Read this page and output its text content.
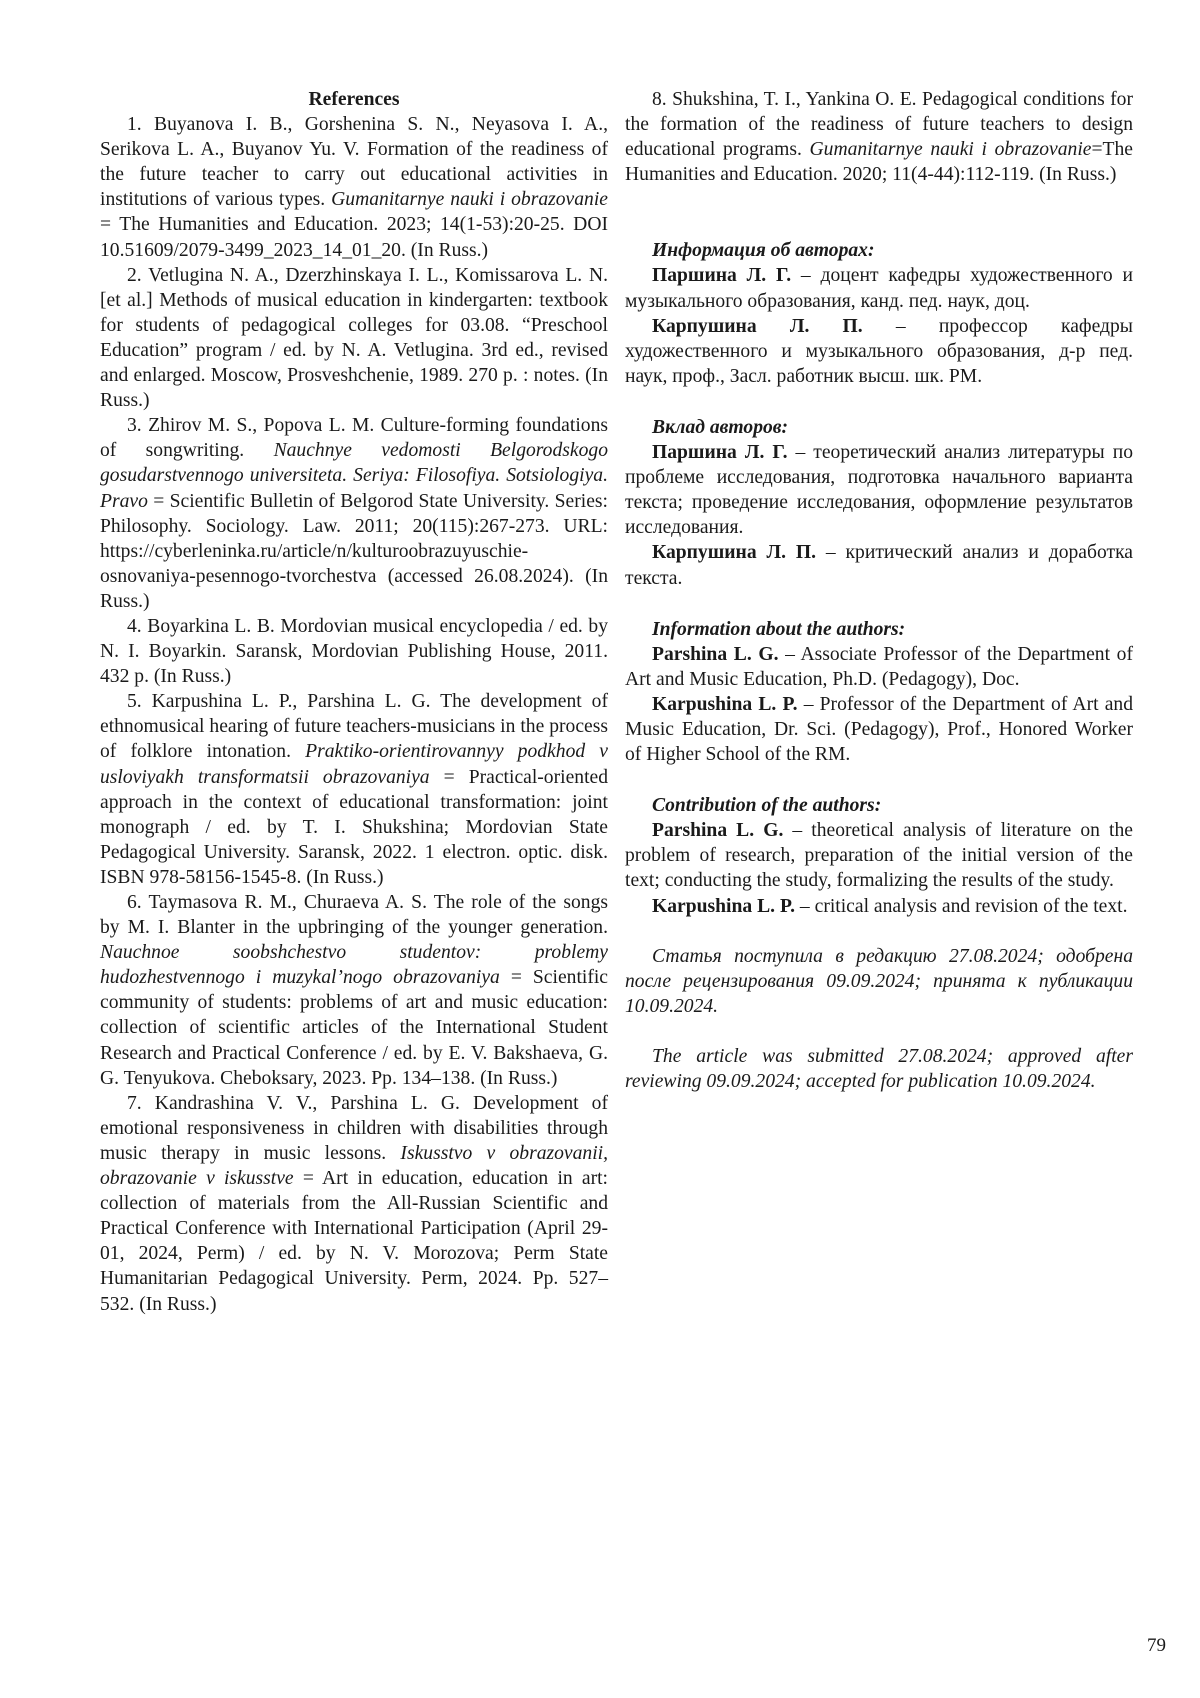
References

1. Buyanova I. B., Gorshenina S. N., Neyasova I. A., Serikova L. A., Buyanov Yu. V. Formation of the readiness of the future teacher to carry out educational activities in institutions of various types. Gumanitarnye nauki i obrazovanie = The Humanities and Education. 2023; 14(1-53):20-25. DOI 10.51609/2079-3499_2023_14_01_20. (In Russ.)

2. Vetlugina N. A., Dzerzhinskaya I. L., Komissarova L. N. [et al.] Methods of musical education in kindergarten: textbook for students of pedagogical colleges for 03.08. “Preschool Education” program / ed. by N. A. Vetlugina. 3rd ed., revised and enlarged. Moscow, Prosveshchenie, 1989. 270 p. : notes. (In Russ.)

3. Zhirov M. S., Popova L. M. Culture-forming foundations of songwriting. Nauchnye vedomosti Belgorodskogo gosudarstvennogo universiteta. Seriya: Filosofiya. Sotsiologiya. Pravo = Scientific Bulletin of Belgorod State University. Series: Philosophy. Sociology. Law. 2011; 20(115):267-273. URL: https://cyberleninka.ru/article/n/kulturoobrazuyuschie-osnovaniya-pesennogo-tvorchestva (accessed 26.08.2024). (In Russ.)

4. Boyarkina L. B. Mordovian musical encyclopedia / ed. by N. I. Boyarkin. Saransk, Mordovian Publishing House, 2011. 432 p. (In Russ.)

5. Karpushina L. P., Parshina L. G. The development of ethnomusical hearing of future teachers-musicians in the process of folklore intonation. Praktiko-orientirovannyy podkhod v usloviyakh transformatsii obrazovaniya = Practical-oriented approach in the context of educational transformation: joint monograph / ed. by T. I. Shukshina; Mordovian State Pedagogical University. Saransk, 2022. 1 electron. optic. disk. ISBN 978-58156-1545-8. (In Russ.)

6. Taymasova R. M., Churaeva A. S. The role of the songs by M. I. Blanter in the upbringing of the younger generation. Nauchnoe soobshchestvo studentov: problemy hudozhestvennogo i muzykal’nogo obrazovaniya = Scientific community of students: problems of art and music education: collection of scientific articles of the International Student Research and Practical Conference / ed. by E. V. Bakshaeva, G. G. Tenyukova. Cheboksary, 2023. Pp. 134–138. (In Russ.)

7. Kandrashina V. V., Parshina L. G. Development of emotional responsiveness in children with disabilities through music therapy in music lessons. Iskusstvo v obrazovanii, obrazovanie v iskusstve = Art in education, education in art: collection of materials from the All-Russian Scientific and Practical Conference with International Participation (April 29-01, 2024, Perm) / ed. by N. V. Morozova; Perm State Humanitarian Pedagogical University. Perm, 2024. Pp. 527–532. (In Russ.)

8. Shukshina, T. I., Yankina O. E. Pedagogical conditions for the formation of the readiness of future teachers to design educational programs. Gumanitarnye nauki i obrazovanie=The Humanities and Education. 2020; 11(4-44):112-119. (In Russ.)

Информация об авторах:

Паршина Л. Г. – доцент кафедры художественного и музыкального образования, канд. пед. наук, доц.

Карпушина Л. П. – профессор кафедры художественного и музыкального образования, д-р пед. наук, проф., Засл. работник высш. шк. РМ.

Вклад авторов:

Паршина Л. Г. – теоретический анализ литературы по проблеме исследования, подготовка начального варианта текста; проведение исследования, оформление результатов исследования.

Карпушина Л. П. – критический анализ и доработка текста.

Information about the authors:

Parshina L. G. – Associate Professor of the Department of Art and Music Education, Ph.D. (Pedagogy), Doc.

Karpushina L. P. – Professor of the Department of Art and Music Education, Dr. Sci. (Pedagogy), Prof., Honored Worker of Higher School of the RM.

Contribution of the authors:

Parshina L. G. – theoretical analysis of literature on the problem of research, preparation of the initial version of the text; conducting the study, formalizing the results of the study.

Karpushina L. P. – critical analysis and revision of the text.

Статья поступила в редакцию 27.08.2024; одобрена после рецензирования 09.09.2024; принята к публикации 10.09.2024.

The article was submitted 27.08.2024; approved after reviewing 09.09.2024; accepted for publication 10.09.2024.

79
